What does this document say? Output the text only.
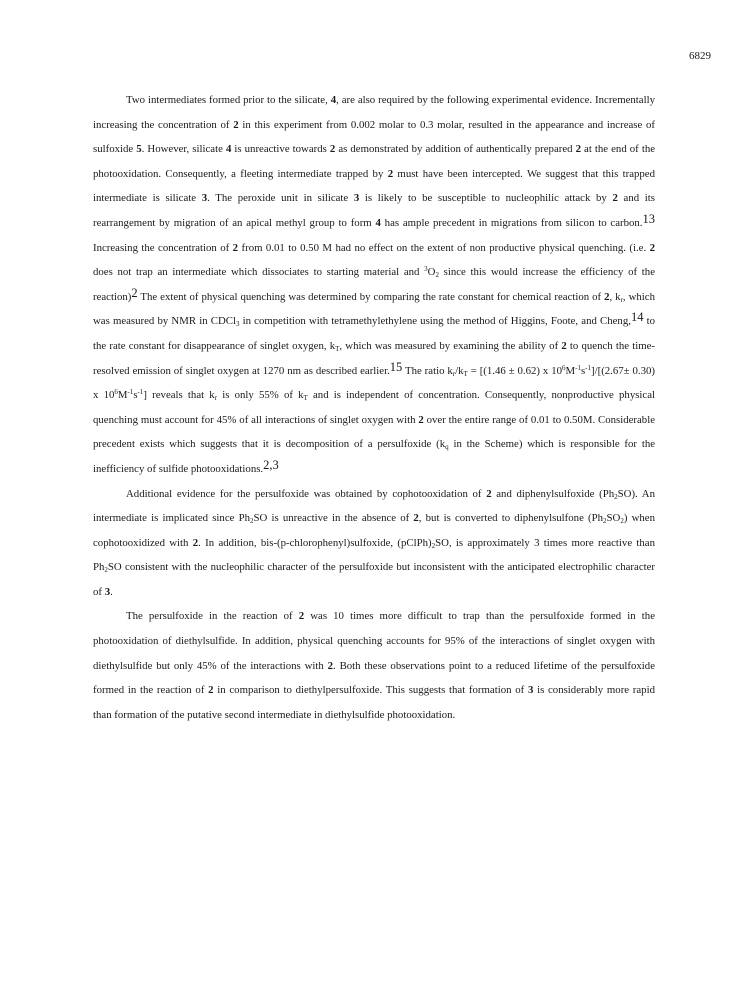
6829

Two intermediates formed prior to the silicate, 4, are also required by the following experimental evidence. Incrementally increasing the concentration of 2 in this experiment from 0.002 molar to 0.3 molar, resulted in the appearance and increase of sulfoxide 5. However, silicate 4 is unreactive towards 2 as demonstrated by addition of authentically prepared 2 at the end of the photooxidation. Consequently, a fleeting intermediate trapped by 2 must have been intercepted. We suggest that this trapped intermediate is silicate 3. The peroxide unit in silicate 3 is likely to be susceptible to nucleophilic attack by 2 and its rearrangement by migration of an apical methyl group to form 4 has ample precedent in migrations from silicon to carbon.$^{13}$ Increasing the concentration of 2 from 0.01 to 0.50 M had no effect on the extent of non productive physical quenching. (i.e. 2 does not trap an intermediate which dissociates to starting material and $^3O_2$ since this would increase the efficiency of the reaction)$^2$ The extent of physical quenching was determined by comparing the rate constant for chemical reaction of 2, $k_r$, which was measured by NMR in CDCl$_3$ in competition with tetramethylethylene using the method of Higgins, Foote, and Cheng,$^{14}$ to the rate constant for disappearance of singlet oxygen, $k_T$, which was measured by examining the ability of 2 to quench the time-resolved emission of singlet oxygen at 1270 nm as described earlier.$^{15}$ The ratio $k_r/k_T = [(1.46 \pm 0.62)$ x $10^6M^{-1}s^{-1}]/[(2.67\pm 0.30)$ x $10^6M^{-1}s^{-1}$] reveals that $k_r$ is only 55% of $k_T$ and is independent of concentration. Consequently, nonproductive physical quenching must account for 45% of all interactions of singlet oxygen with 2 over the entire range of 0.01 to 0.50M. Considerable precedent exists which suggests that it is decomposition of a persulfoxide ($k_q$ in the Scheme) which is responsible for the inefficiency of sulfide photooxidations.$^{2,3}$

Additional evidence for the persulfoxide was obtained by cophotooxidation of 2 and diphenylsulfoxide $(Ph_2SO)$. An intermediate is implicated since $Ph_2SO$ is unreactive in the absence of 2, but is converted to diphenylsulfone $(Ph_2SO_2)$ when cophotooxidized with 2. In addition, bis-(p-chlorophenyl)sulfoxide, $(pClPh)_2SO$, is approximately 3 times more reactive than $Ph_2SO$ consistent with the nucleophilic character of the persulfoxide but inconsistent with the anticipated electrophilic character of 3.

The persulfoxide in the reaction of 2 was 10 times more difficult to trap than the persulfoxide formed in the photooxidation of diethylsulfide. In addition, physical quenching accounts for 95% of the interactions of singlet oxygen with diethylsulfide but only 45% of the interactions with 2. Both these observations point to a reduced lifetime of the persulfoxide formed in the reaction of 2 in comparison to diethylpersulfoxide. This suggests that formation of 3 is considerably more rapid than formation of the putative second intermediate in diethylsulfide photooxidation.
